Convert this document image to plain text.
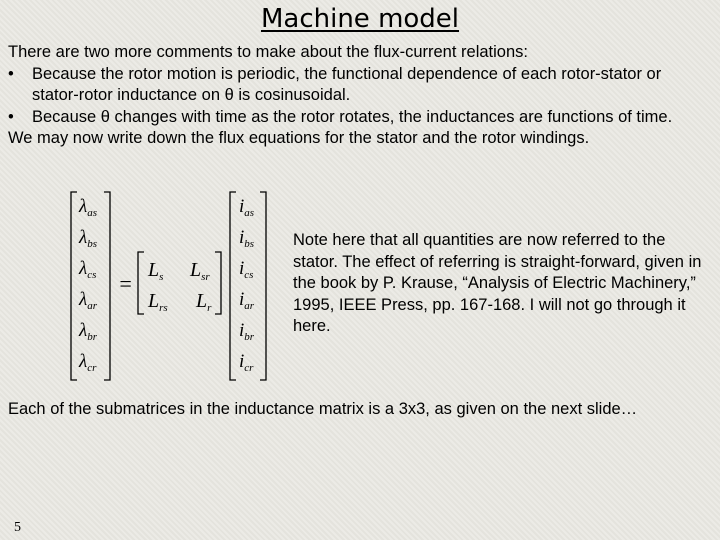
Machine model

There are two more comments to make about the flux-current relations:

• Because the rotor motion is periodic, the functional dependence of each rotor-stator or stator-rotor inductance on θ is cosinusoidal.
• Because θ changes with time as the rotor rotates, the inductances are functions of time.

We may now write down the flux equations for the stator and the rotor windings.

$\lambda_{as}$
$\lambda_{bs}$
$\lambda_{cs}$
$\lambda_{ar}$
$\lambda_{br}$
$\lambda_{cr}$
=
$L_s$ $L_{sr}$
$L_{rs}$ $L_r$
$i_{as}$
$i_{bs}$
$i_{cs}$
$i_{ar}$
$i_{br}$
$i_{cr}$

Note here that all quantities are now referred to the stator. The effect of referring is straight-forward, given in the book by P. Krause, “Analysis of Electric Machinery,” 1995, IEEE Press, pp. 167-168. I will not go through it here.

Each of the submatrices in the inductance matrix is a 3x3, as given on the next slide…

5
